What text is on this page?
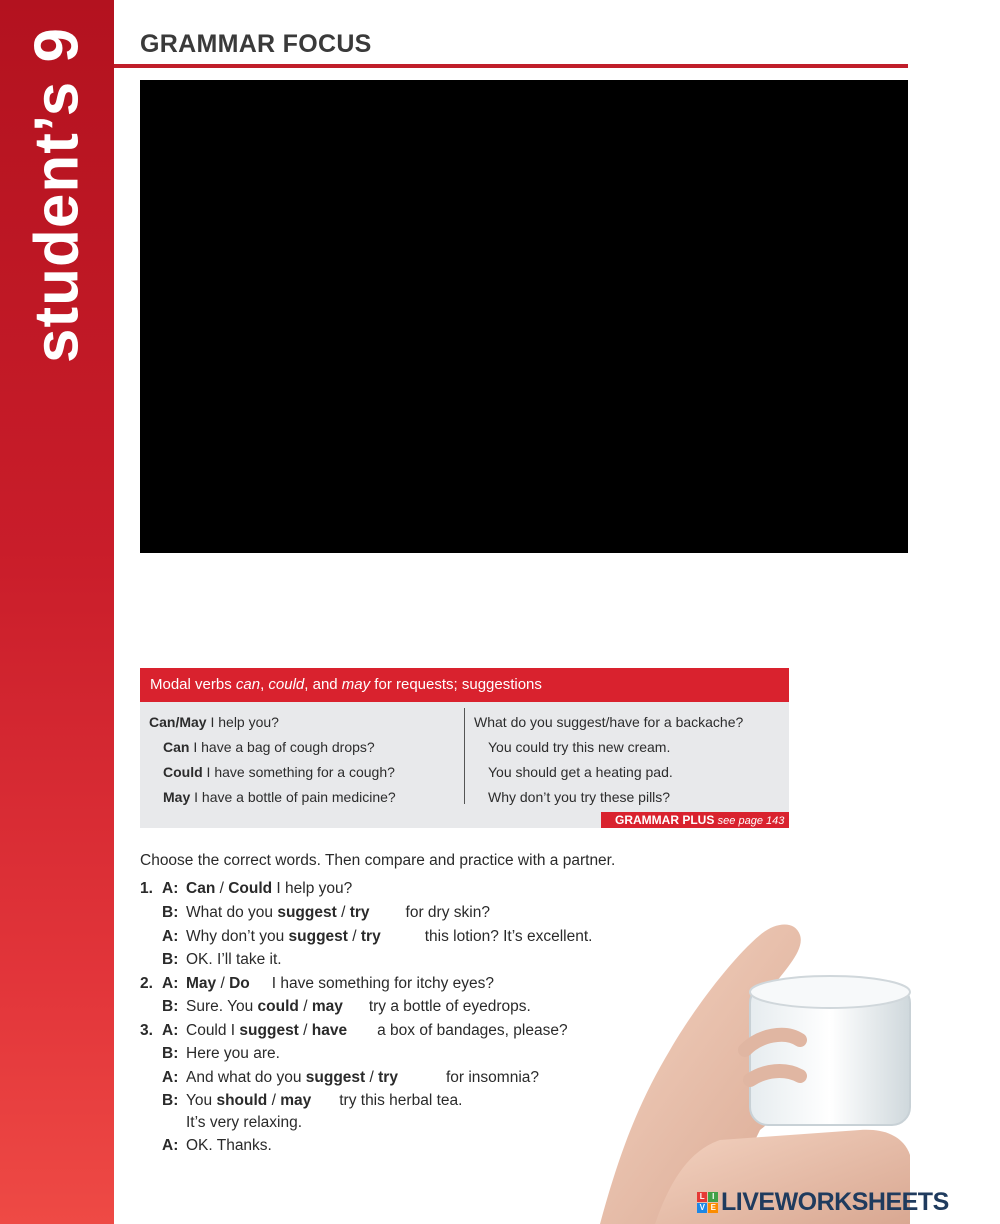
student’s 9 GRAMMAR FOCUS
Modal verbs can, could, and may for requests; suggestions
Can/May I help you?
Can I have a bag of cough drops?
Could I have something for a cough?
May I have a bottle of pain medicine?
What do you suggest/have for a backache?
You could try this new cream.
You should get a heating pad.
Why don’t you try these pills?
GRAMMAR PLUS see page 143
Choose the correct words. Then compare and practice with a partner.
1. A: Can / Could I help you?
B: What do you suggest / try for dry skin?
A: Why don’t you suggest / try	this lotion? It’s excellent.
B: OK. I’ll take it.
2. A: May / Do I have something for itchy eyes?
B: Sure. You could / may try a bottle of eyedrops.
3. A: Could I suggest / have a box of bandages, please?
B: Here you are.
A: And what do you suggest / try	for insomnia?
B: You should / may try this herbal tea.
It’s very relaxing.
A: OK. Thanks.
L I
V E LIVEWORKSHEETS
